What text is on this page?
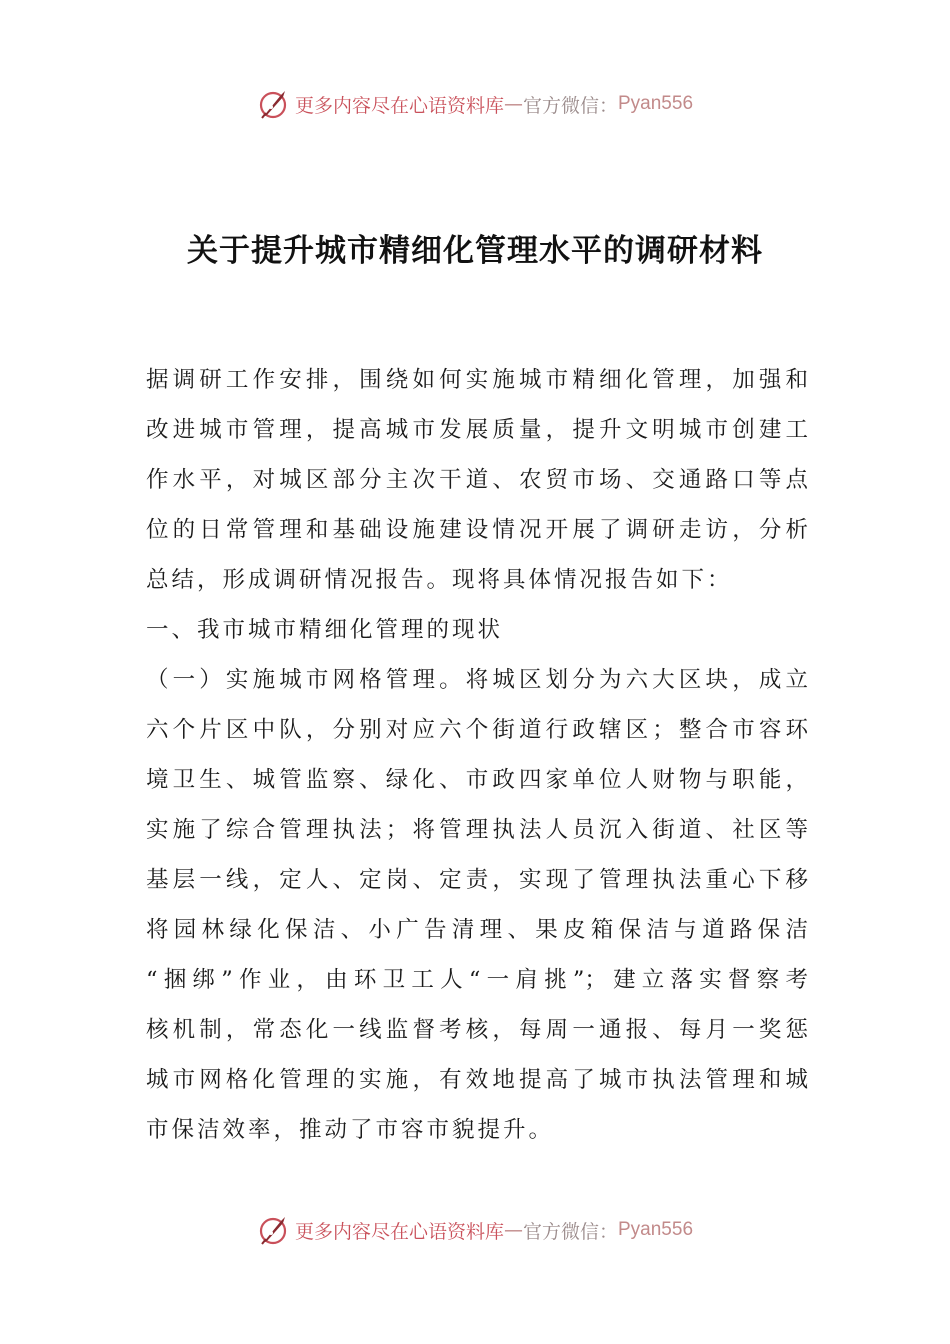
更多内容尽在心语资料库 — 官方微信： Pyan556
关于提升城市精细化管理水平的调研材料
据调研工作安排，围绕如何实施城市精细化管理，加强和
改进城市管理，提高城市发展质量，提升文明城市创建工
作水平，对城区部分主次干道、农贸市场、交通路口等点
位的日常管理和基础设施建设情况开展了调研走访，分析
总结，形成调研情况报告。现将具体情况报告如下：
一、我市城市精细化管理的现状
（一）实施城市网格管理。将城区划分为六大区块，成立
六个片区中队，分别对应六个街道行政辖区；整合市容环
境卫生、城管监察、绿化、市政四家单位人财物与职能，
实施了综合管理执法；将管理执法人员沉入街道、社区等
基层一线，定人、定岗、定责，实现了管理执法重心下移
将园林绿化保洁、小广告清理、果皮箱保洁与道路保洁
“捆绑”作业，由环卫工人“一肩挑”；建立落实督察考
核机制，常态化一线监督考核，每周一通报、每月一奖惩
城市网格化管理的实施，有效地提高了城市执法管理和城
市保洁效率，推动了市容市貌提升。
更多内容尽在心语资料库 — 官方微信： Pyan556
